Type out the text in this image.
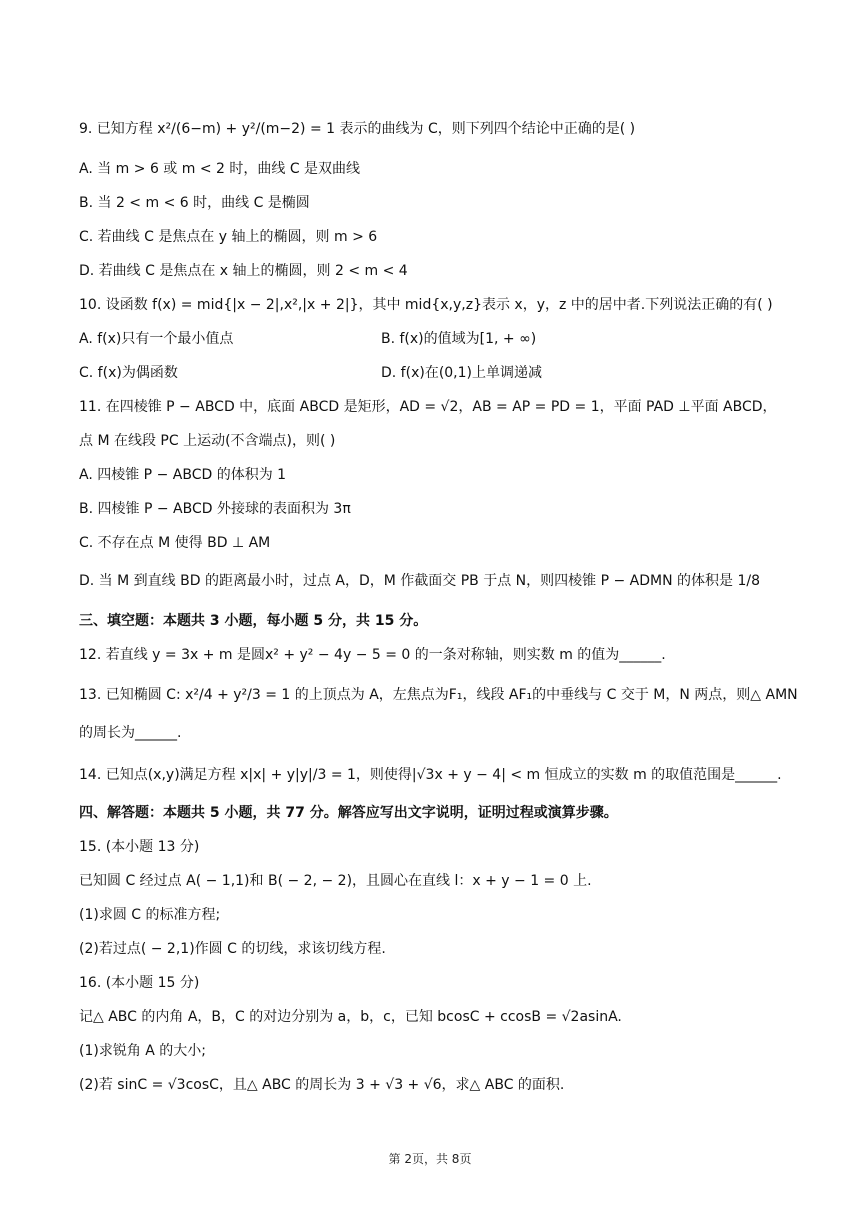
9. 已知方程 x²/(6−m) + y²/(m−2) = 1 表示的曲线为 C，则下列四个结论中正确的是( )
A. 当 m > 6 或 m < 2 时，曲线 C 是双曲线
B. 当 2 < m < 6 时，曲线 C 是椭圆
C. 若曲线 C 是焦点在 y 轴上的椭圆，则 m > 6
D. 若曲线 C 是焦点在 x 轴上的椭圆，则 2 < m < 4
10. 设函数 f(x) = mid{|x − 2|,x²,|x + 2|}，其中 mid{x,y,z}表示 x，y，z 中的居中者.下列说法正确的有( )
A. f(x)只有一个最小值点	B. f(x)的值域为[1, + ∞)
C. f(x)为偶函数	D. f(x)在(0,1)上单调递减
11. 在四棱锥 P − ABCD 中，底面 ABCD 是矩形，AD = √2，AB = AP = PD = 1，平面 PAD ⊥平面 ABCD，
点 M 在线段 PC 上运动(不含端点)，则( )
A. 四棱锥 P − ABCD 的体积为 1
B. 四棱锥 P − ABCD 外接球的表面积为 3π
C. 不存在点 M 使得 BD ⊥ AM
D. 当 M 到直线 BD 的距离最小时，过点 A，D，M 作截面交 PB 于点 N，则四棱锥 P − ADMN 的体积是 1/8
三、填空题：本题共 3 小题，每小题 5 分，共 15 分。
12. 若直线 y = 3x + m 是圆x² + y² − 4y − 5 = 0 的一条对称轴，则实数 m 的值为______.
13. 已知椭圆 C: x²/4 + y²/3 = 1 的上顶点为 A，左焦点为F₁，线段 AF₁的中垂线与 C 交于 M，N 两点，则△ AMN
的周长为______.
14. 已知点(x,y)满足方程 x|x| + y|y|/3 = 1，则使得|√3x + y − 4| < m 恒成立的实数 m 的取值范围是______.
四、解答题：本题共 5 小题，共 77 分。解答应写出文字说明，证明过程或演算步骤。
15. (本小题 13 分)
已知圆 C 经过点 A( − 1,1)和 B( − 2, − 2)，且圆心在直线 l：x + y − 1 = 0 上.
(1)求圆 C 的标准方程;
(2)若过点( − 2,1)作圆 C 的切线，求该切线方程.
16. (本小题 15 分)
记△ ABC 的内角 A，B，C 的对边分别为 a，b，c，已知 bcosC + ccosB = √2asinA.
(1)求锐角 A 的大小;
(2)若 sinC = √3cosC，且△ ABC 的周长为 3 + √3 + √6，求△ ABC 的面积.
第 2页，共 8页
